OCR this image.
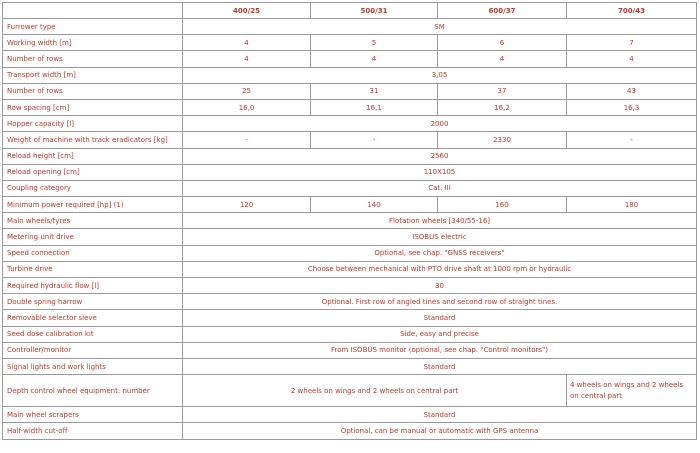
	400/25	500/31	600/37	700/43
Furrower type	SM			
Working width [m]	4	5	6	7
Number of rows	4	4	4	4
Transport width [m]	3,05			
Number of rows	25	31	37	43
Row spacing [cm]	16,0	16,1	16,2	16,3
Hopper capacity [l]	2000			
Weight of machine with track eradicators [kg]	-	-	2330	-
Reload height [cm]	2560			
Reload opening [cm]	110X105			
Coupling category	Cat. III			
Minimum power required [hp] (1)	120	140	160	180
Main wheels/tyres	Flotation wheels [340/55-16]			
Metering unit drive	ISOBUS electric			
Speed connection	Optional, see chap. "GNSS receivers"			
Turbine drive	Choose between mechanical with PTO drive shaft at 1000 rpm or hydraulic			
Required hydraulic flow [l]	30			
Double spring harrow	Optional. First row of angled tines and second row of straight tines.			
Removable selector sieve	Standard			
Seed dose calibration kit	Side, easy and precise			
Controller/monitor	From ISOBUS monitor (optional, see chap. "Control monitors")			
Signal lights and work lights	Standard			
Depth control wheel equipment: number	2 wheels on wings and 2 wheels on central part			4 wheels on wings and 2 wheels on central part
Main wheel scrapers	Standard			
Half-width cut-off	Optional, can be manual or automatic with GPS antenna			
